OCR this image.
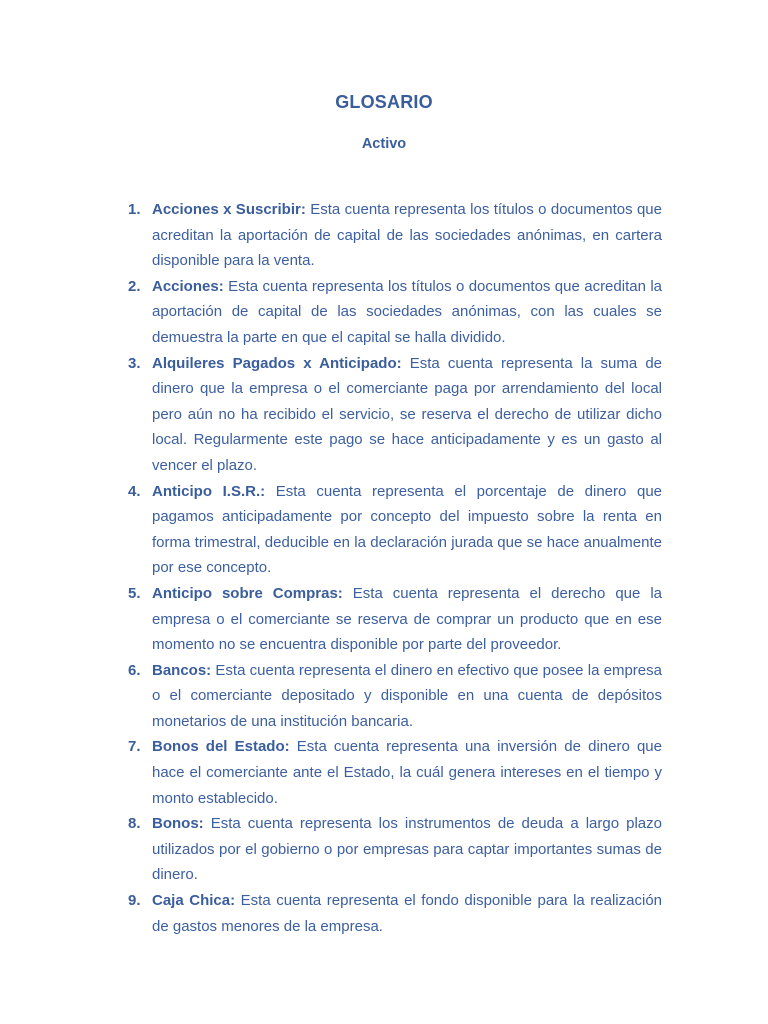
GLOSARIO
Activo
1. Acciones x Suscribir: Esta cuenta representa los títulos o documentos que acreditan la aportación de capital de las sociedades anónimas, en cartera disponible para la venta.
2. Acciones: Esta cuenta representa los títulos o documentos que acreditan la aportación de capital de las sociedades anónimas, con las cuales se demuestra la parte en que el capital se halla dividido.
3. Alquileres Pagados x Anticipado: Esta cuenta representa la suma de dinero que la empresa o el comerciante paga por arrendamiento del local pero aún no ha recibido el servicio, se reserva el derecho de utilizar dicho local. Regularmente este pago se hace anticipadamente y es un gasto al vencer el plazo.
4. Anticipo I.S.R.: Esta cuenta representa el porcentaje de dinero que pagamos anticipadamente por concepto del impuesto sobre la renta en forma trimestral, deducible en la declaración jurada que se hace anualmente por ese concepto.
5. Anticipo sobre Compras: Esta cuenta representa el derecho que la empresa o el comerciante se reserva de comprar un producto que en ese momento no se encuentra disponible por parte del proveedor.
6. Bancos: Esta cuenta representa el dinero en efectivo que posee la empresa o el comerciante depositado y disponible en una cuenta de depósitos monetarios de una institución bancaria.
7. Bonos del Estado: Esta cuenta representa una inversión de dinero que hace el comerciante ante el Estado, la cuál genera intereses en el tiempo y monto establecido.
8. Bonos: Esta cuenta representa los instrumentos de deuda a largo plazo utilizados por el gobierno o por empresas para captar importantes sumas de dinero.
9. Caja Chica: Esta cuenta representa el fondo disponible para la realización de gastos menores de la empresa.
